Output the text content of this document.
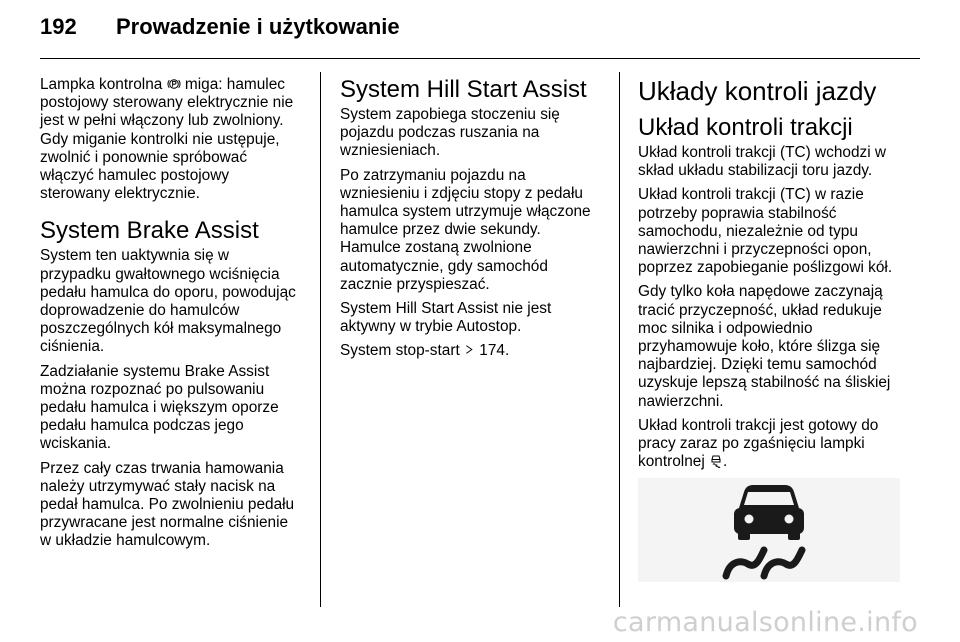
192 Prowadzenie i użytkowanie

Lampka kontrolna  miga: hamulec
postojowy sterowany elektrycznie nie
jest w pełni włączony lub zwolniony.
Gdy miganie kontrolki nie ustępuje,
zwolnić i ponownie spróbować
włączyć hamulec postojowy
sterowany elektrycznie.

System Brake Assist

System ten uaktywnia się w
przypadku gwałtownego wciśnięcia
pedału hamulca do oporu, powodując
doprowadzenie do hamulców
poszczególnych kół maksymalnego
ciśnienia.

Zadziałanie systemu Brake Assist
można rozpoznać po pulsowaniu
pedału hamulca i większym oporze
pedału hamulca podczas jego
wciskania.

Przez cały czas trwania hamowania
należy utrzymywać stały nacisk na
pedał hamulca. Po zwolnieniu pedału
przywracane jest normalne ciśnienie
w układzie hamulcowym.

System Hill Start Assist

System zapobiega stoczeniu się
pojazdu podczas ruszania na
wzniesieniach.

Po zatrzymaniu pojazdu na
wzniesieniu i zdjęciu stopy z pedału
hamulca system utrzymuje włączone
hamulce przez dwie sekundy.
Hamulce zostaną zwolnione
automatycznie, gdy samochód
zacznie przyspieszać.

System Hill Start Assist nie jest
aktywny w trybie Autostop.

System stop-start  174.

Układy kontroli jazdy
Układ kontroli trakcji

Układ kontroli trakcji (TC) wchodzi w
skład układu stabilizacji toru jazdy.

Układ kontroli trakcji (TC) w razie
potrzeby poprawia stabilność
samochodu, niezależnie od typu
nawierzchni i przyczepności opon,
poprzez zapobieganie poślizgowi kół.

Gdy tylko koła napędowe zaczynają
tracić przyczepność, układ redukuje
moc silnika i odpowiednio
przyhamowuje koło, które ślizga się
najbardziej. Dzięki temu samochód
uzyskuje lepszą stabilność na śliskiej
nawierzchni.

Układ kontroli trakcji jest gotowy do
pracy zaraz po zgaśnięciu lampki
kontrolnej .

carmanualsonline.info
